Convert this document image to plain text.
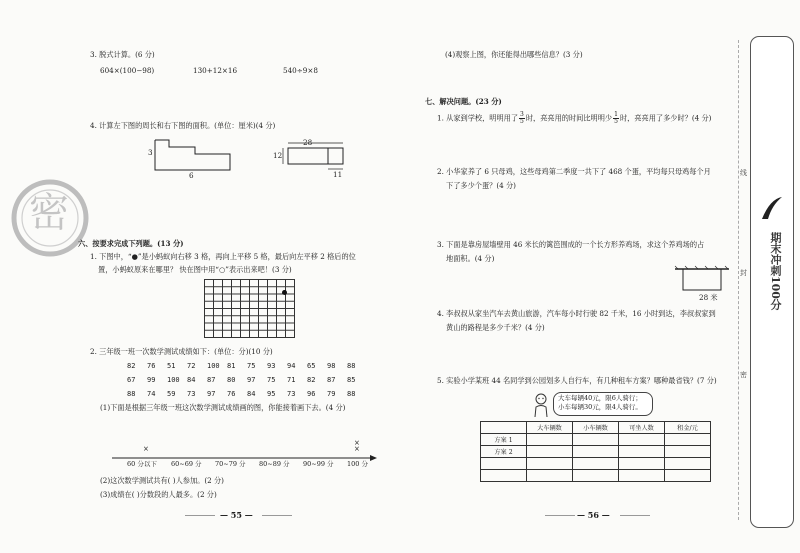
3. 脱式计算。(6 分)
604×(100−98)	130+12×16	540÷9×8
4. 计算左下图的周长和右下图的面积。(单位：厘米)(4 分)
3
6
28
12
11
密
六、按要求完成下列题。(13 分)
1. 下图中，“●”是小蚂蚁向右移 3 格，再向上平移 5 格，最后向左平移 2 格后的位
置，小蚂蚁原来在哪里？ 快在图中用“○”表示出来吧！(3 分)
2. 三年级一班一次数学测试成绩如下：(单位：分)(10 分)
82 76 51 72 100 81 75 93 94 65 98 88
67 99 100 84 87 80 97 75 71 82 87 85
88 74 59 73 97 76 84 95 73 96 79 88
(1)下面是根据三年级一班这次数学测试成绩画的图，你能接着画下去。(4 分)
×	×
×
60 分以下 60~69 分 70~79 分 80~89 分 90~99 分 100 分
(2)这次数学测试共有( )人参加。(2 分)
(3)成绩在( )分数段的人最多。(2 分)
— 55 —
(4)观察上图，你还能得出哪些信息？(3 分)
七、解决问题。(23 分)
1. 从家到学校，明明用了 $\frac{3}{5}$ 时，亮亮用的时间比明明少 $\frac{1}{5}$ 时，亮亮用了多少时？(4 分)
2. 小华家养了 6 只母鸡，这些母鸡第二季度一共下了 468 个蛋，平均每只母鸡每个月
下了多少个蛋？(4 分)
3. 下面是靠房屋墙壁用 46 米长的篱笆围成的一个长方形养鸡场，求这个养鸡场的占
地面积。(4 分)
28 米
4. 李叔叔从家坐汽车去黄山旅游，汽车每小时行驶 82 千米，16 小时到达，李叔叔家到
黄山的路程是多少千米？(4 分)
5. 实验小学某班 44 名同学到公园划多人自行车，有几种租车方案？哪种最省钱？(7 分)
大车每辆40元，限6人骑行；
小车每辆30元，限4人骑行。
	大车辆数	小车辆数	可坐人数	租金/元
方案 1				
方案 2				

— 56 —
线
封
密
期末冲刺100分
